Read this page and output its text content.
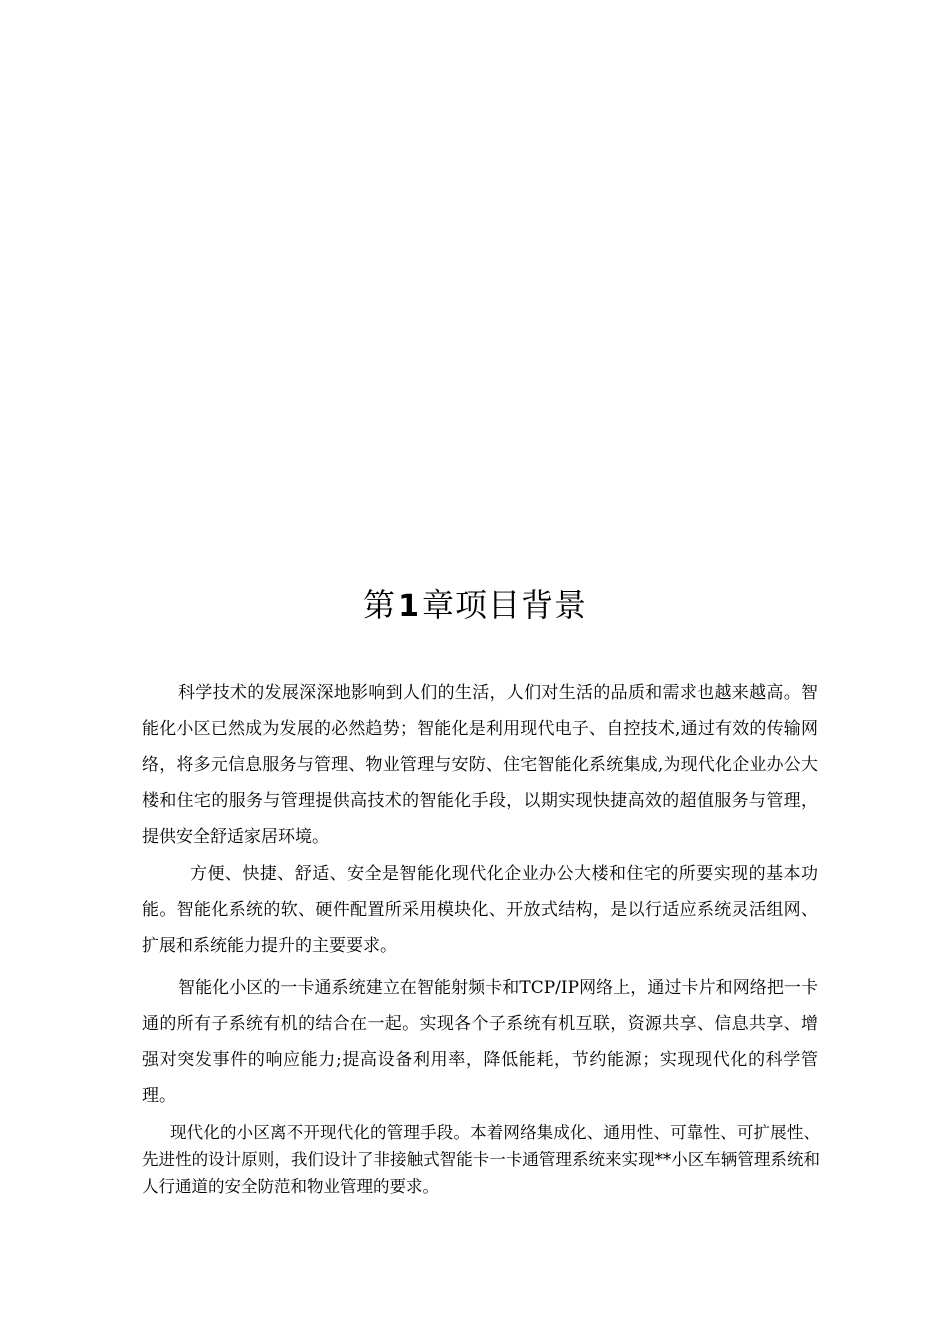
第1章项目背景

科学技术的发展深深地影响到人们的生活，人们对生活的品质和需求也越来越高。智能化小区已然成为发展的必然趋势；智能化是利用现代电子、自控技术,通过有效的传输网络，将多元信息服务与管理、物业管理与安防、住宅智能化系统集成,为现代化企业办公大楼和住宅的服务与管理提供高技术的智能化手段，以期实现快捷高效的超值服务与管理，提供安全舒适家居环境。

方便、快捷、舒适、安全是智能化现代化企业办公大楼和住宅的所要实现的基本功能。智能化系统的软、硬件配置所采用模块化、开放式结构，是以行适应系统灵活组网、扩展和系统能力提升的主要要求。

智能化小区的一卡通系统建立在智能射频卡和TCP/IP网络上，通过卡片和网络把一卡通的所有子系统有机的结合在一起。实现各个子系统有机互联，资源共享、信息共享、增强对突发事件的响应能力;提高设备利用率，降低能耗，节约能源；实现现代化的科学管理。

现代化的小区离不开现代化的管理手段。本着网络集成化、通用性、可靠性、可扩展性、先进性的设计原则，我们设计了非接触式智能卡一卡通管理系统来实现**小区车辆管理系统和人行通道的安全防范和物业管理的要求。
